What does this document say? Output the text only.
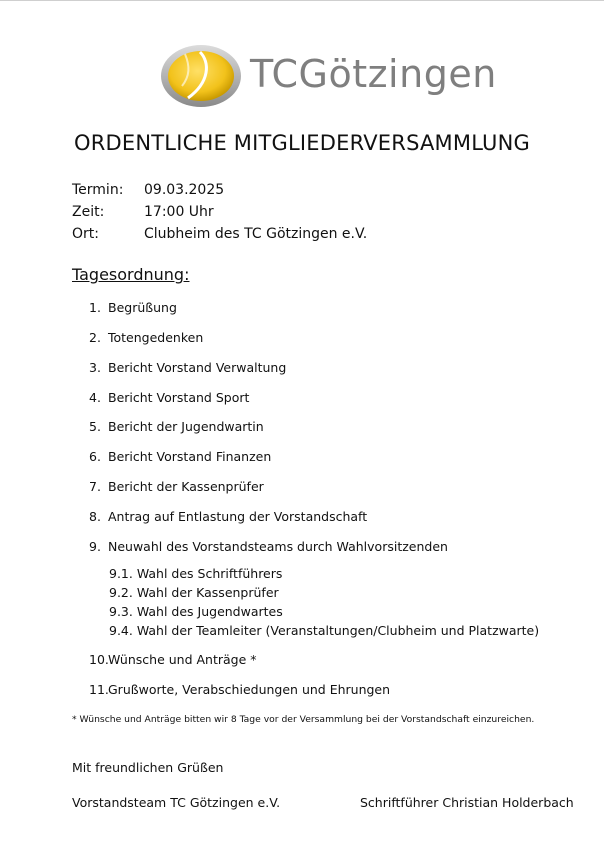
TCGötzingen
ORDENTLICHE MITGLIEDERVERSAMMLUNG
Termin: 09.03.2025
Zeit:	17:00 Uhr
Ort:	Clubheim des TC Götzingen e.V.
Tagesordnung:
1. Begrüßung
2. Totengedenken
3. Bericht Vorstand Verwaltung
4. Bericht Vorstand Sport
5. Bericht der Jugendwartin
6. Bericht Vorstand Finanzen
7. Bericht der Kassenprüfer
8. Antrag auf Entlastung der Vorstandschaft
9. Neuwahl des Vorstandsteams durch Wahlvorsitzenden
9.1. Wahl des Schriftführers
9.2. Wahl der Kassenprüfer
9.3. Wahl des Jugendwartes
9.4. Wahl der Teamleiter (Veranstaltungen/Clubheim und Platzwarte)
10.Wünsche und Anträge *
11.Grußworte, Verabschiedungen und Ehrungen
* Wünsche und Anträge bitten wir 8 Tage vor der Versammlung bei der Vorstandschaft einzureichen.
Mit freundlichen Grüßen
Vorstandsteam TC Götzingen e.V.	Schriftführer Christian Holderbach
